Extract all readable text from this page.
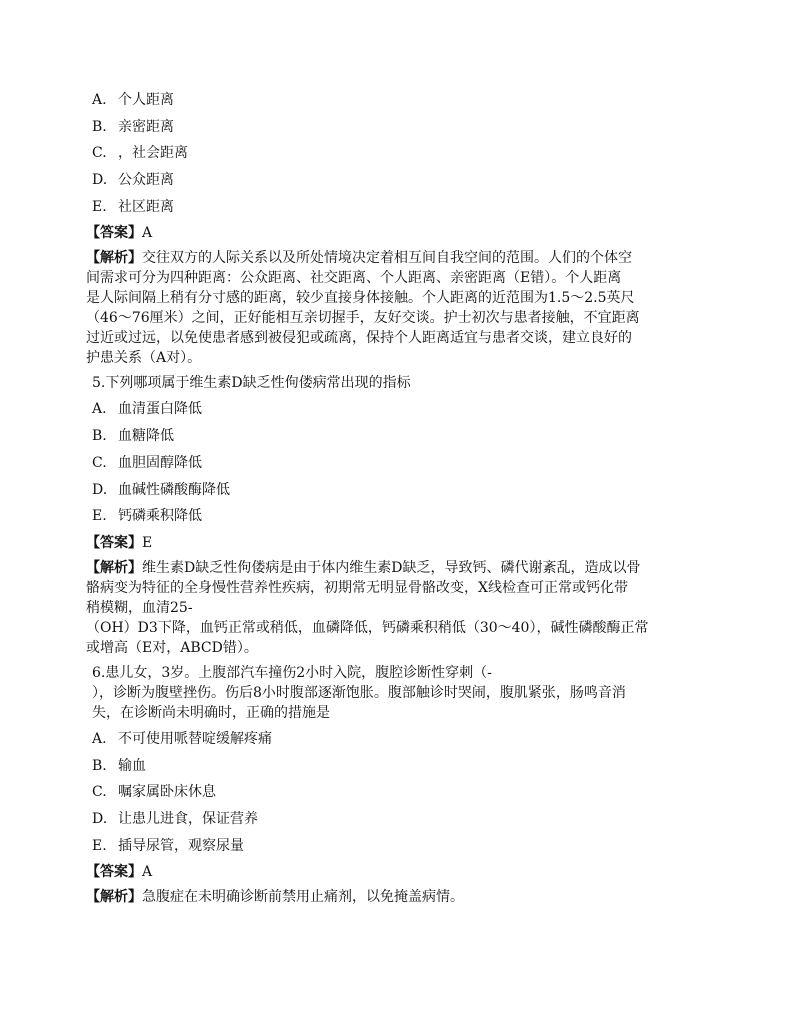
A. 个人距离
B. 亲密距离
C. ，社会距离
D. 公众距离
E. 社区距离
【答案】A
【解析】交往双方的人际关系以及所处情境决定着相互间自我空间的范围。人们的个体空
间需求可分为四种距离：公众距离、社交距离、个人距离、亲密距离（E错）。个人距离
是人际间隔上稍有分寸感的距离，较少直接身体接触。个人距离的近范围为1.5～2.5英尺
（46～76厘米）之间，正好能相互亲切握手，友好交谈。护士初次与患者接触，不宜距离
过近或过远，以免使患者感到被侵犯或疏离，保持个人距离适宜与患者交谈，建立良好的
护患关系（A对）。
5.下列哪项属于维生素D缺乏性佝偻病常出现的指标
A. 血清蛋白降低
B. 血糖降低
C. 血胆固醇降低
D. 血碱性磷酸酶降低
E. 钙磷乘积降低
【答案】E
【解析】维生素D缺乏性佝偻病是由于体内维生素D缺乏，导致钙、磷代谢紊乱，造成以骨
骼病变为特征的全身慢性营养性疾病，初期常无明显骨骼改变，X线检查可正常或钙化带
稍模糊，血清25-
（OH）D3下降，血钙正常或稍低，血磷降低，钙磷乘积稍低（30～40），碱性磷酸酶正常
或增高（E对，ABCD错）。
6.患儿女，3岁。上腹部汽车撞伤2小时入院，腹腔诊断性穿刺（-
），诊断为腹壁挫伤。伤后8小时腹部逐渐饱胀。腹部触诊时哭闹，腹肌紧张，肠鸣音消
失，在诊断尚未明确时，正确的措施是
A. 不可使用哌替啶缓解疼痛
B. 输血
C. 嘱家属卧床休息
D. 让患儿进食，保证营养
E. 插导尿管，观察尿量
【答案】A
【解析】急腹症在未明确诊断前禁用止痛剂，以免掩盖病情。
